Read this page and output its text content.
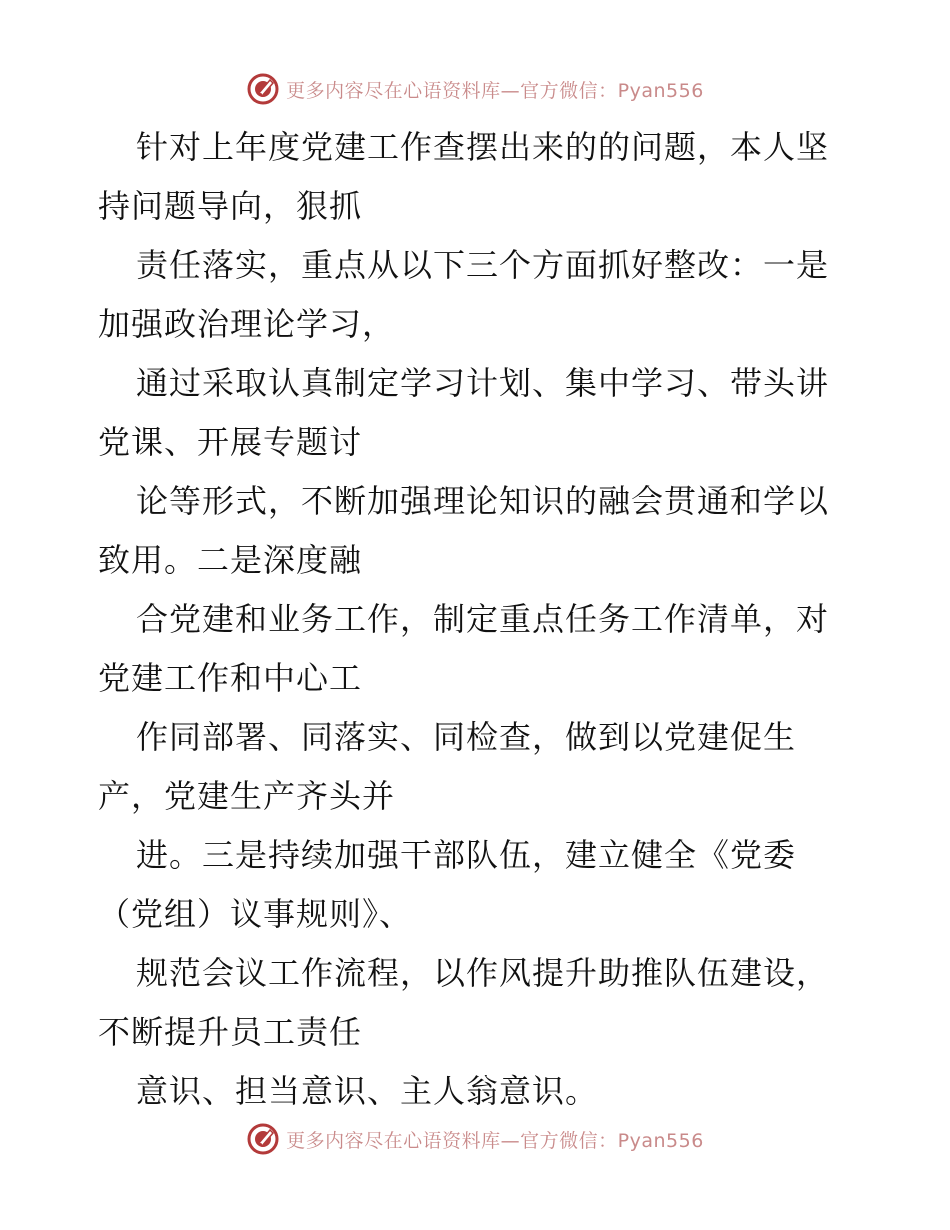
更多内容尽在心语资料库—官方微信：Pyan556

针对上年度党建工作查摆出来的的问题，本人坚持问题导向，狠抓

责任落实，重点从以下三个方面抓好整改：一是加强政治理论学习，

通过采取认真制定学习计划、集中学习、带头讲党课、开展专题讨

论等形式，不断加强理论知识的融会贯通和学以致用。二是深度融

合党建和业务工作，制定重点任务工作清单，对党建工作和中心工

作同部署、同落实、同检查，做到以党建促生产，党建生产齐头并

进。三是持续加强干部队伍，建立健全《党委（党组）议事规则》、

规范会议工作流程，以作风提升助推队伍建设，不断提升员工责任

意识、担当意识、主人翁意识。

更多内容尽在心语资料库—官方微信：Pyan556
